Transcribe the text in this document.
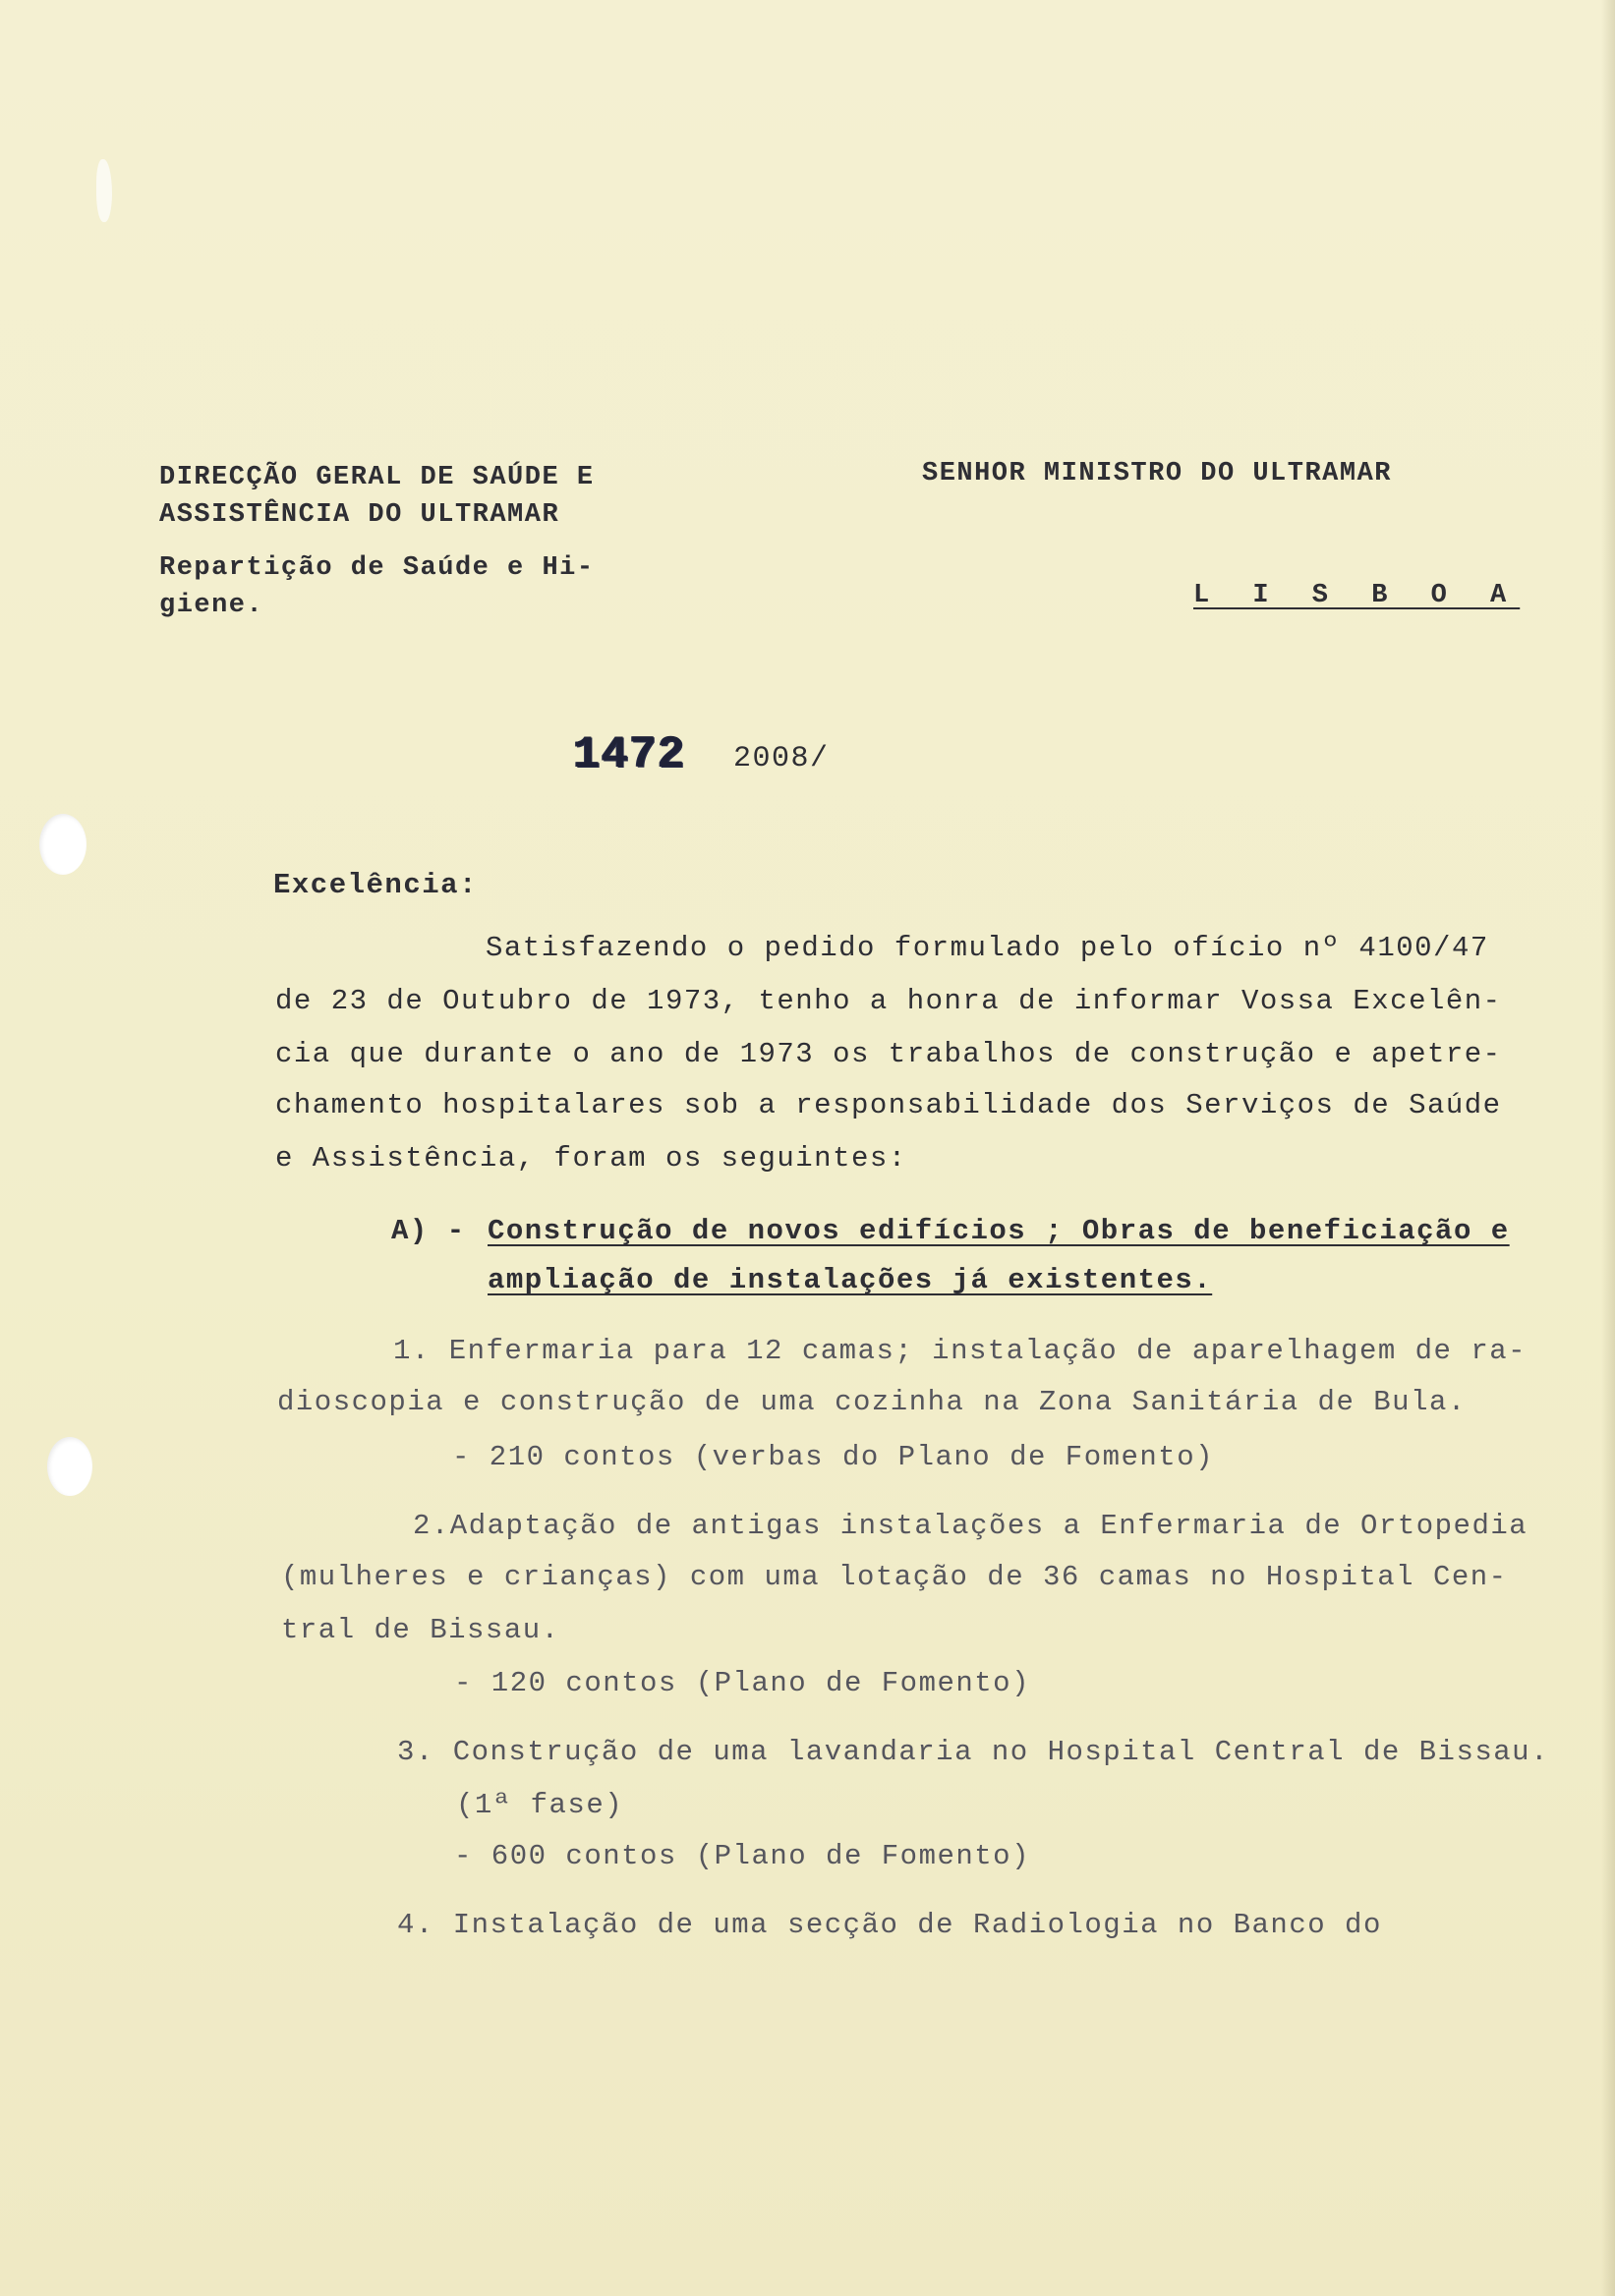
DIRECÇÃO GERAL DE SAÚDE E
ASSISTÊNCIA DO ULTRAMAR
Repartição de Saúde e Hi-
giene.
SENHOR MINISTRO DO ULTRAMAR
L I S B O A
1472 2008/
Excelência:
Satisfazendo o pedido formulado pelo ofício nº 4100/47
de 23 de Outubro de 1973, tenho a honra de informar Vossa Excelên-
cia que durante o ano de 1973 os trabalhos de construção e apetre-
chamento hospitalares sob a responsabilidade dos Serviços de Saúde
e Assistência, foram os seguintes:
A) - Construção de novos edifícios ; Obras de beneficiação e
ampliação de instalações já existentes.
1. Enfermaria para 12 camas; instalação de aparelhagem de ra-
dioscopia e construção de uma cozinha na Zona Sanitária de Bula.
- 210 contos (verbas do Plano de Fomento)
2.Adaptação de antigas instalações a Enfermaria de Ortopedia
(mulheres e crianças) com uma lotação de 36 camas no Hospital Cen-
tral de Bissau.
- 120 contos (Plano de Fomento)
3. Construção de uma lavandaria no Hospital Central de Bissau.
(1ª fase)
- 600 contos (Plano de Fomento)
4. Instalação de uma secção de Radiologia no Banco do
